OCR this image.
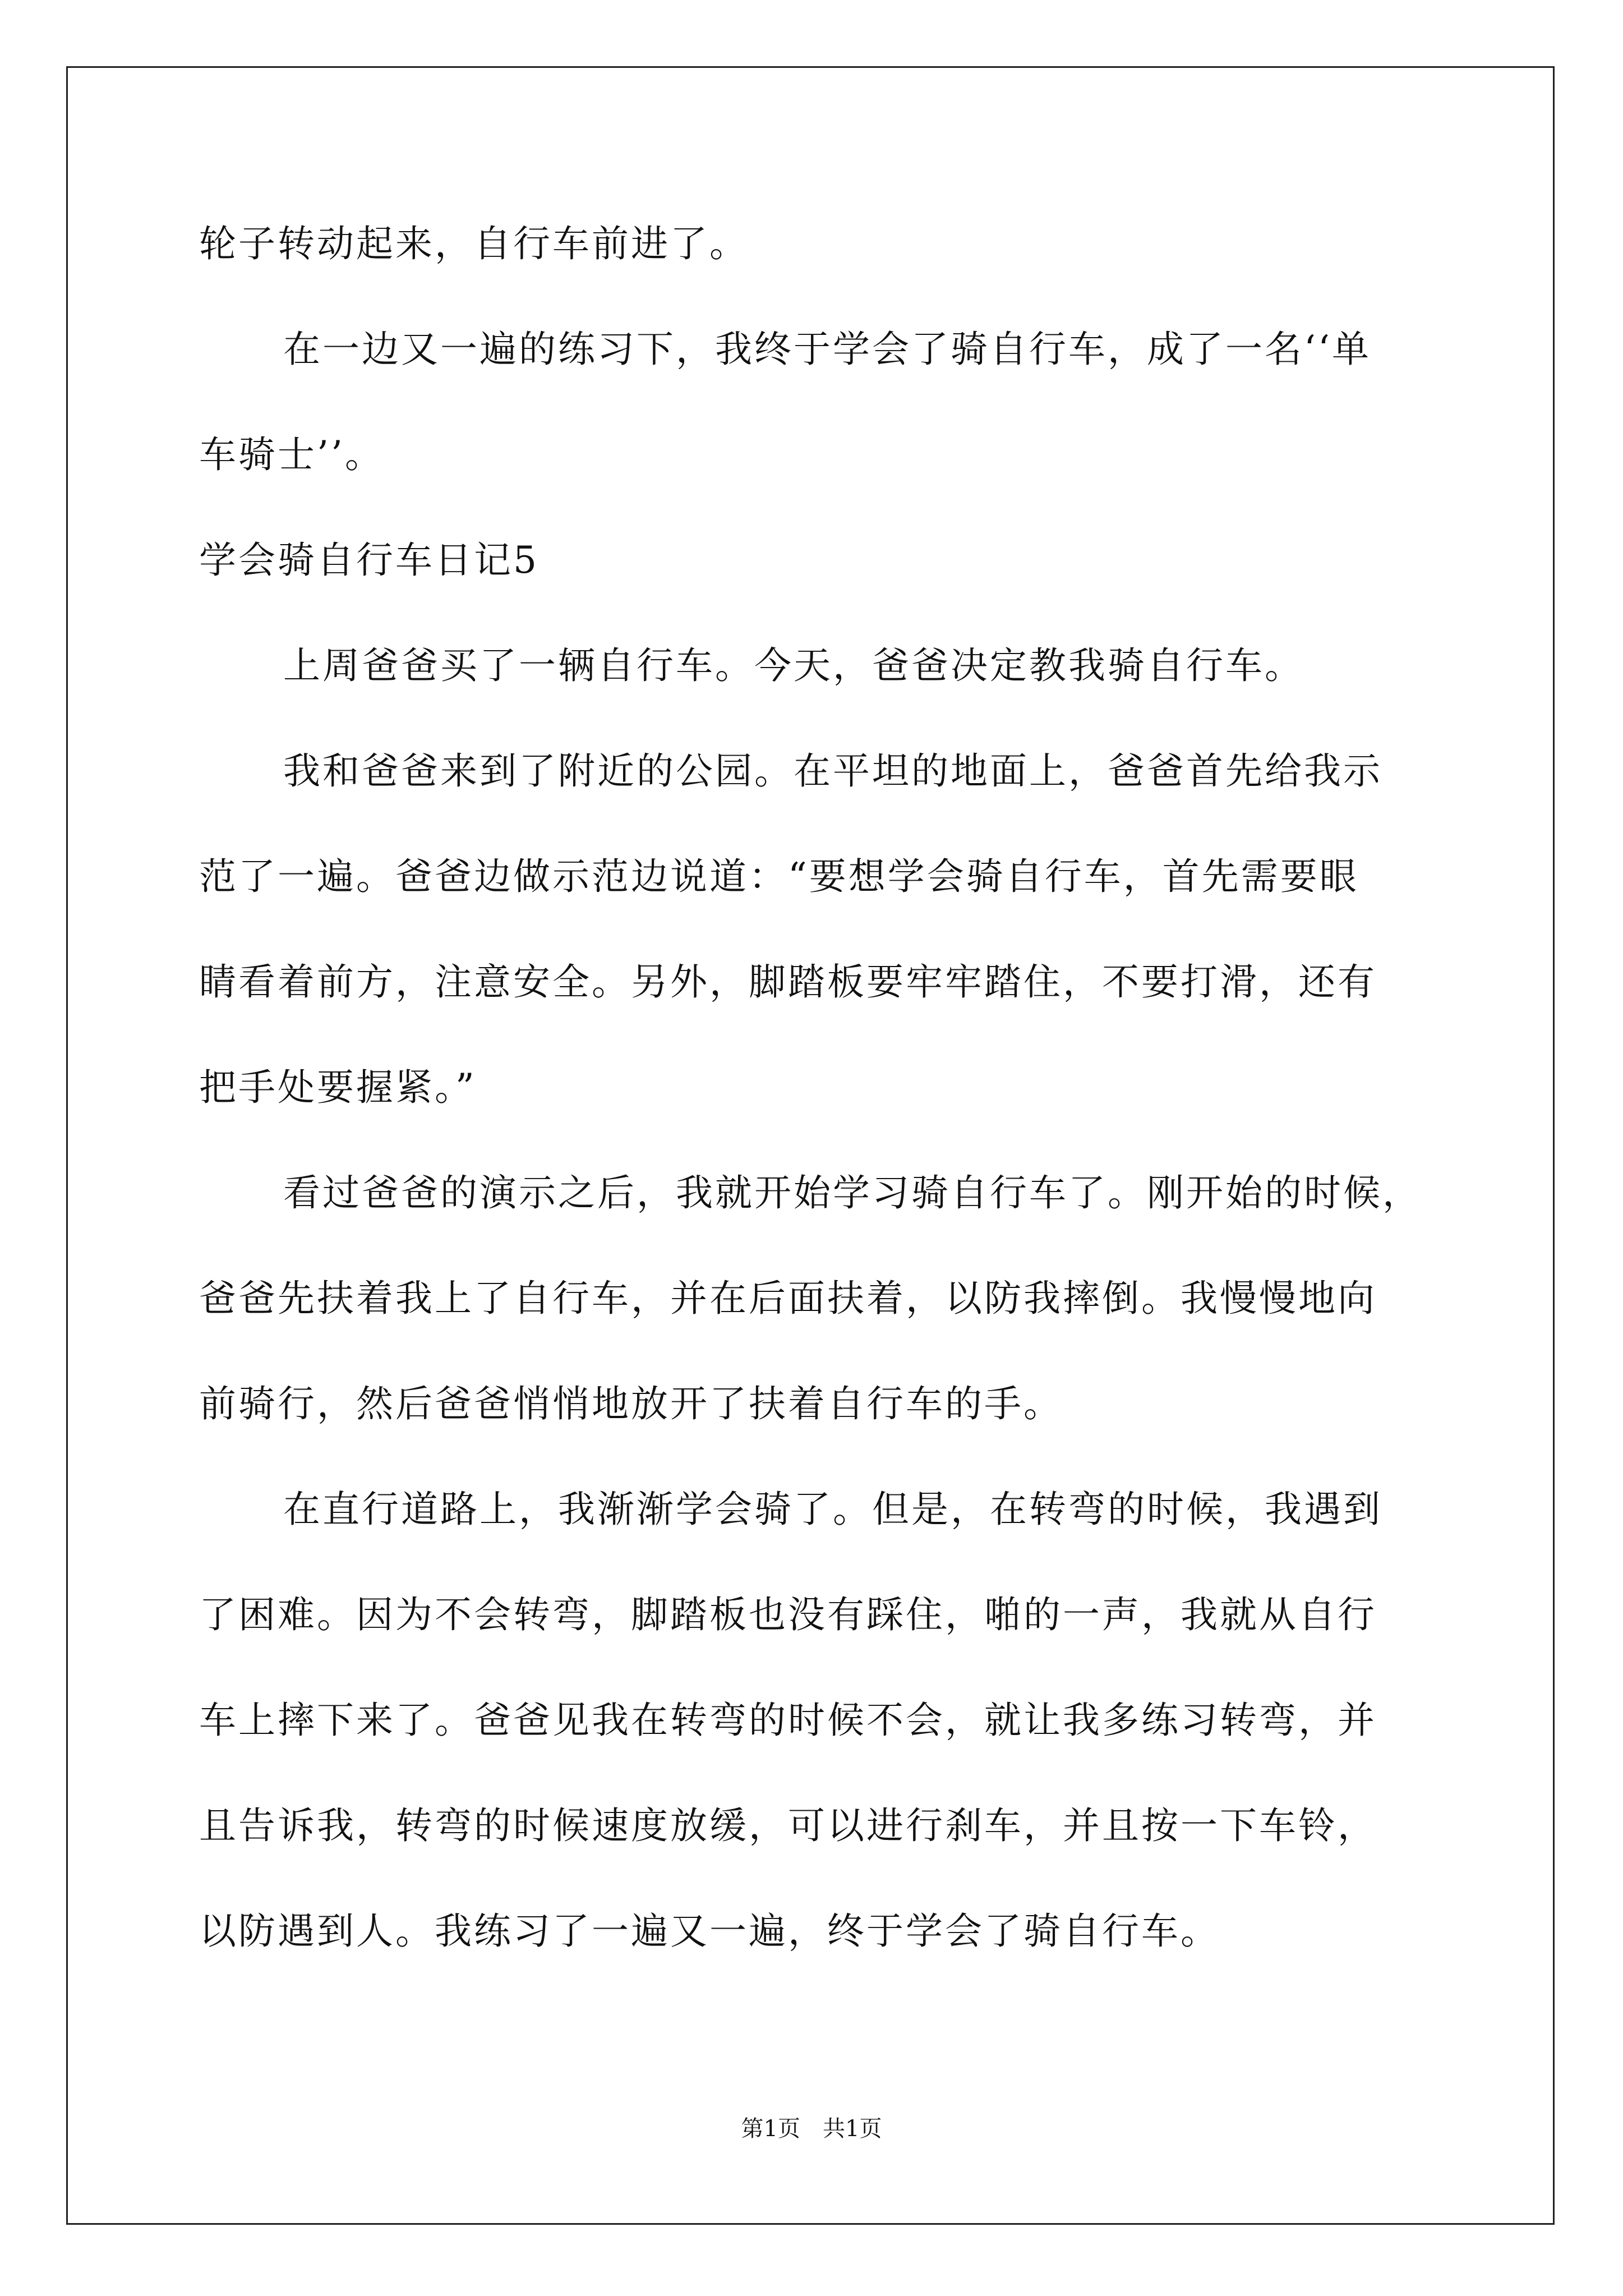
轮子转动起来，自行车前进了。
在一边又一遍的练习下，我终于学会了骑自行车，成了一名‘‘单
车骑士’’。
学会骑自行车日记5
上周爸爸买了一辆自行车。今天，爸爸决定教我骑自行车。
我和爸爸来到了附近的公园。在平坦的地面上，爸爸首先给我示
范了一遍。爸爸边做示范边说道：“要想学会骑自行车，首先需要眼
睛看着前方，注意安全。另外，脚踏板要牢牢踏住，不要打滑，还有
把手处要握紧。”
看过爸爸的演示之后，我就开始学习骑自行车了。刚开始的时候，
爸爸先扶着我上了自行车，并在后面扶着，以防我摔倒。我慢慢地向
前骑行，然后爸爸悄悄地放开了扶着自行车的手。
在直行道路上，我渐渐学会骑了。但是，在转弯的时候，我遇到
了困难。因为不会转弯，脚踏板也没有踩住，啪的一声，我就从自行
车上摔下来了。爸爸见我在转弯的时候不会，就让我多练习转弯，并
且告诉我，转弯的时候速度放缓，可以进行刹车，并且按一下车铃，
以防遇到人。我练习了一遍又一遍，终于学会了骑自行车。
第1页　共1页
